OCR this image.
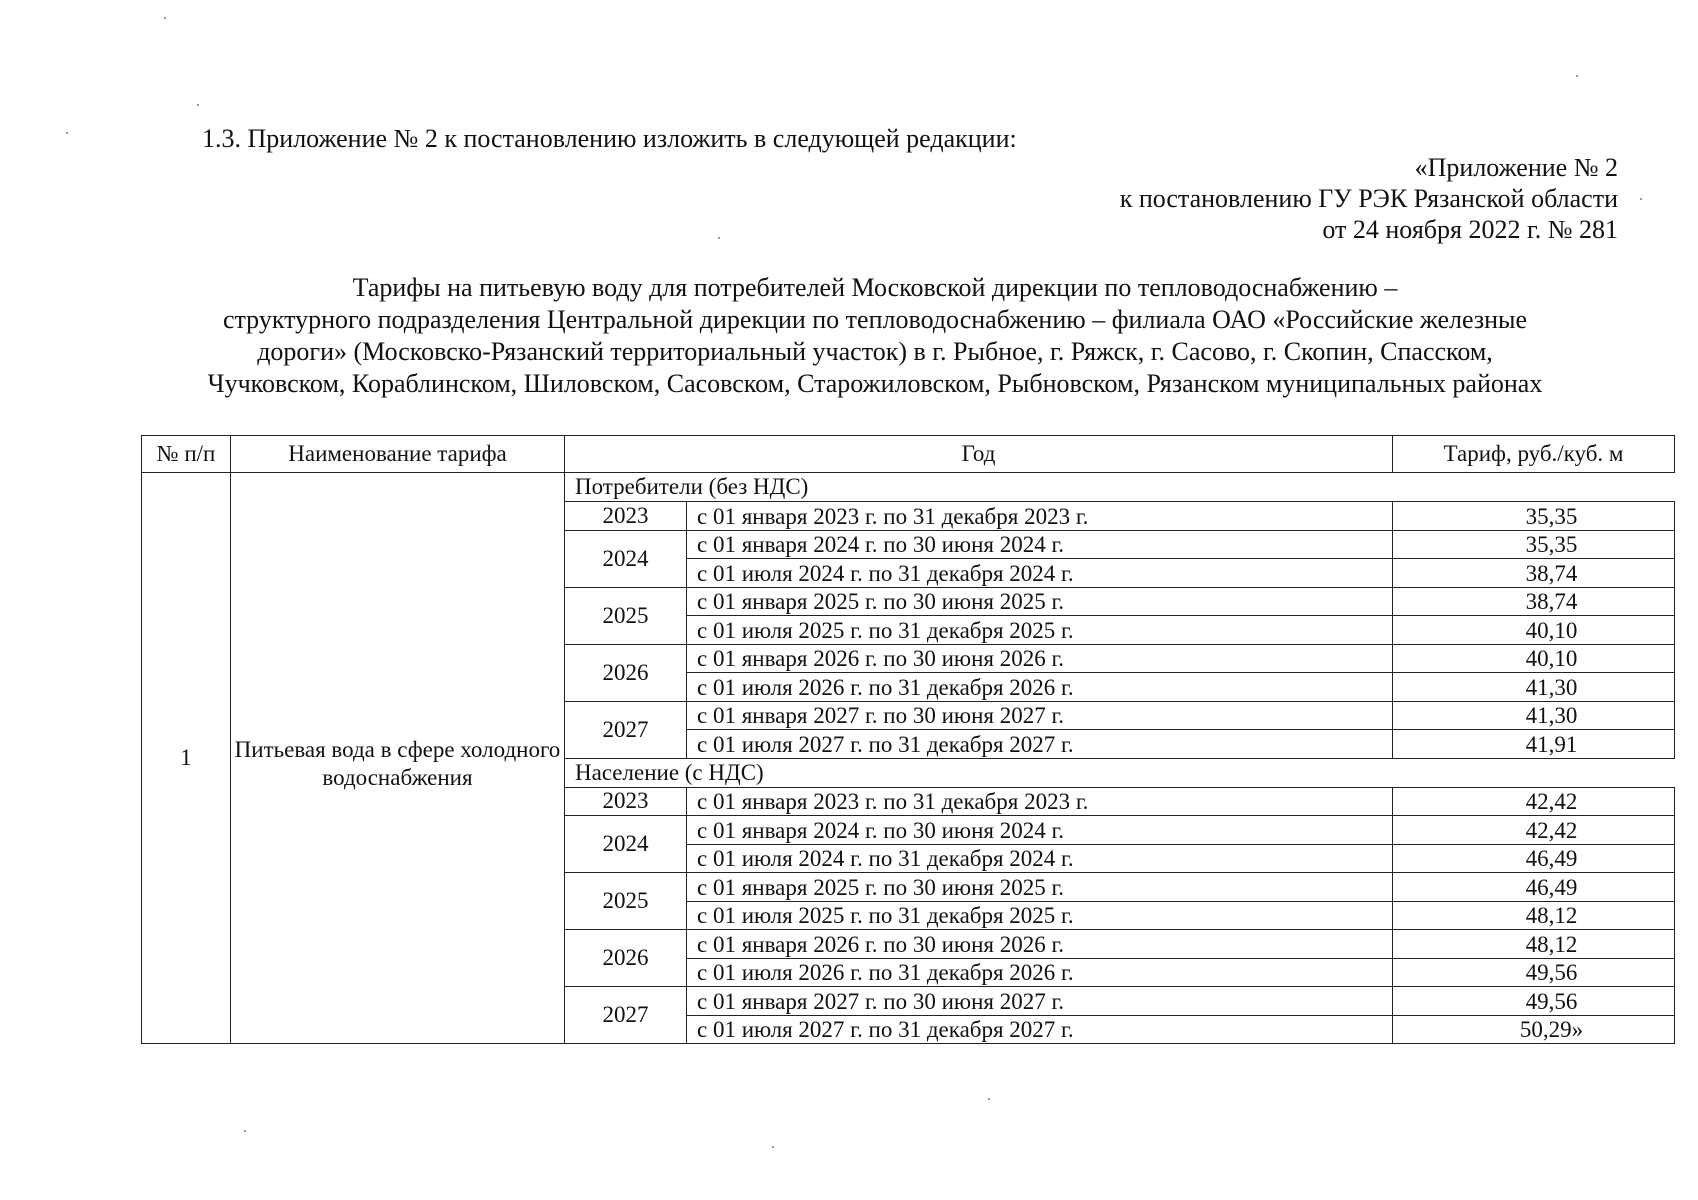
1.3. Приложение № 2 к постановлению изложить в следующей редакции:
«Приложение № 2
к постановлению ГУ РЭК Рязанской области
от 24 ноября 2022 г. № 281
Тарифы на питьевую воду для потребителей Московской дирекции по тепловодоснабжению –
структурного подразделения Центральной дирекции по тепловодоснабжению – филиала ОАО «Российские железные
дороги» (Московско-Рязанский территориальный участок) в г. Рыбное, г. Ряжск, г. Сасово, г. Скопин, Спасском,
Чучковском, Кораблинском, Шиловском, Сасовском, Старожиловском, Рыбновском, Рязанском муниципальных районах
№ п/п	Наименование тарифа	Год		Тариф, руб./куб. м
1	Питьевая вода в сфере холодного водоснабжения	Потребители (без НДС)		
		2023	с 01 января 2023 г. по 31 декабря 2023 г.	35,35
		2024	с 01 января 2024 г. по 30 июня 2024 г.	35,35
			с 01 июля 2024 г. по 31 декабря 2024 г.	38,74
		2025	с 01 января 2025 г. по 30 июня 2025 г.	38,74
			с 01 июля 2025 г. по 31 декабря 2025 г.	40,10
		2026	с 01 января 2026 г. по 30 июня 2026 г.	40,10
			с 01 июля 2026 г. по 31 декабря 2026 г.	41,30
		2027	с 01 января 2027 г. по 30 июня 2027 г.	41,30
			с 01 июля 2027 г. по 31 декабря 2027 г.	41,91
		Население (с НДС)		
		2023	с 01 января 2023 г. по 31 декабря 2023 г.	42,42
		2024	с 01 января 2024 г. по 30 июня 2024 г.	42,42
			с 01 июля 2024 г. по 31 декабря 2024 г.	46,49
		2025	с 01 января 2025 г. по 30 июня 2025 г.	46,49
			с 01 июля 2025 г. по 31 декабря 2025 г.	48,12
		2026	с 01 января 2026 г. по 30 июня 2026 г.	48,12
			с 01 июля 2026 г. по 31 декабря 2026 г.	49,56
		2027	с 01 января 2027 г. по 30 июня 2027 г.	49,56
			с 01 июля 2027 г. по 31 декабря 2027 г.	50,29»
